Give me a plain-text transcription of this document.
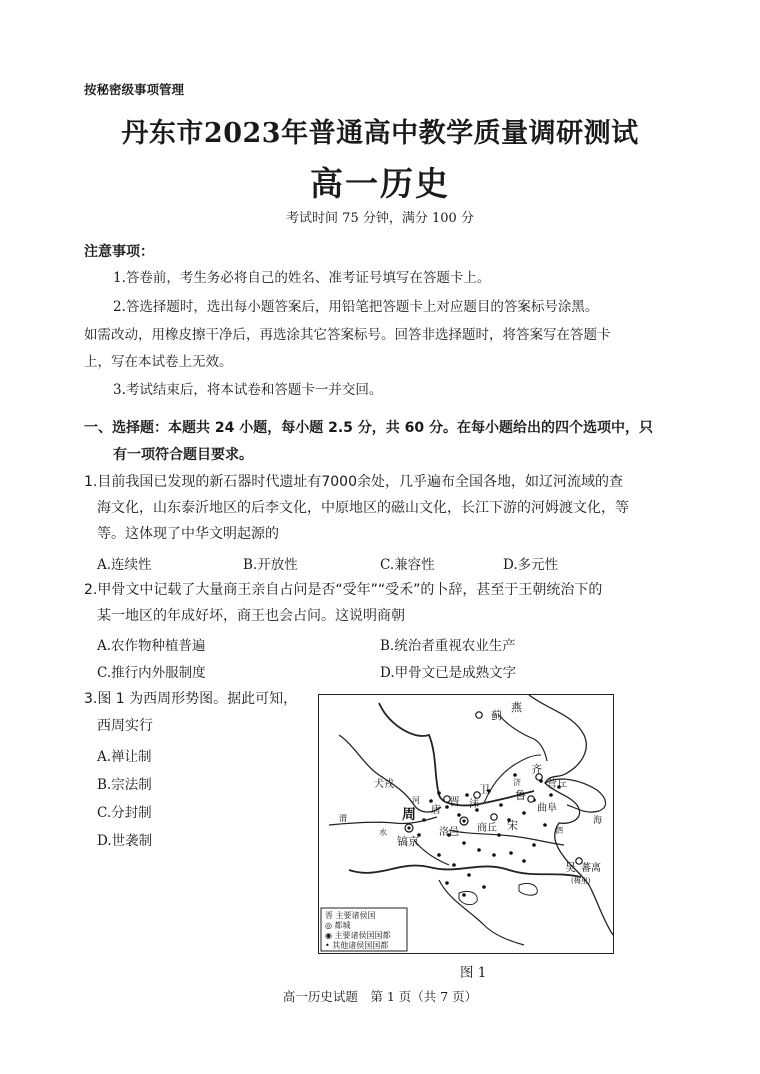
按秘密级事项管理
丹东市2023年普通高中教学质量调研测试
高一历史
考试时间 75 分钟，满分 100 分
注意事项：
1.答卷前，考生务必将自己的姓名、准考证号填写在答题卡上。
2.答选择题时，选出每小题答案后，用铅笔把答题卡上对应题目的答案标号涂黑。
如需改动，用橡皮擦干净后，再选涂其它答案标号。回答非选择题时，将答案写在答题卡
上，写在本试卷上无效。
3.考试结束后，将本试卷和答题卡一并交回。
一、选择题：本题共 24 小题，每小题 2.5 分，共 60 分。在每小题给出的四个选项中，只
有一项符合题目要求。
1.目前我国已发现的新石器时代遗址有7000余处，几乎遍布全国各地，如辽河流域的查
海文化，山东泰沂地区的后李文化，中原地区的磁山文化，长江下游的河姆渡文化，等
等。这体现了中华文明起源的
A.连续性	B.开放性	C.兼容性	D.多元性
2.甲骨文中记载了大量商王亲自占问是否“受年”“受禾”的卜辞，甚至于王朝统治下的
某一地区的年成好坏，商王也会占问。这说明商朝
A.农作物种植普遍	B.统治者重视农业生产
C.推行内外服制度	D.甲骨文已是成熟文字
3.图 1 为西周形势图。据此可知，
西周实行
A.禅让制
B.宗法制
C.分封制
D.世袭制
蓟
燕
犬戎
齐
营丘
鲁
曲阜
晋
唐
卫
沫
周
镐京
洛邑 商丘 宋
吴 蕃离
(梅里)
渭
河
水	泗
海
济
晋 主要诸侯国
◎ 都城
◉ 主要诸侯国国都
• 其他诸侯国国都
图 1
高一历史试题　第 1 页（共 7 页）
